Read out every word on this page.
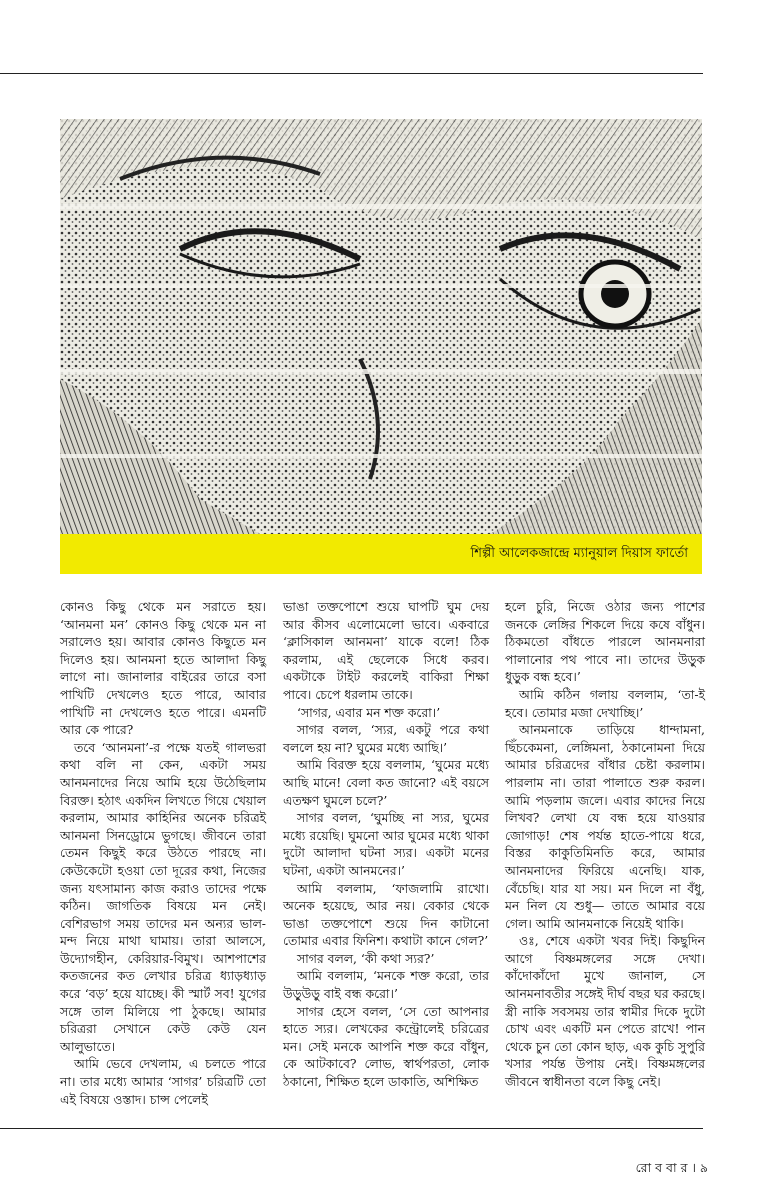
শিল্পী আলেকজান্দ্রে ম্যানুয়াল দিয়াস ফার্তো

কোনও কিছু থেকে মন সরাতে হয়। ‘আনমনা মন’ কোনও কিছু থেকে মন না সরালেও হয়। আবার কোনও কিছুতে মন দিলেও হয়। আনমনা হতে আলাদা কিছু লাগে না। জানালার বাইরের তারে বসা পাখিটি দেখলেও হতে পারে, আবার পাখিটি না দেখলেও হতে পারে। এমনটি আর কে পারে?

তবে ‘আনমনা’-র পক্ষে যতই গালভরা কথা বলি না কেন, একটা সময় আনমনাদের নিয়ে আমি হয়ে উঠেছিলাম বিরক্ত। হঠাৎ একদিন লিখতে গিয়ে খেয়াল করলাম, আমার কাহিনির অনেক চরিত্রই আনমনা সিনড্রোমে ভুগছে। জীবনে তারা তেমন কিছুই করে উঠতে পারছে না। কেউকেটো হওয়া তো দূরের কথা, নিজের জন্য যৎসামান্য কাজ করাও তাদের পক্ষে কঠিন। জাগতিক বিষয়ে মন নেই। বেশিরভাগ সময় তাদের মন অন্যর ভাল-মন্দ নিয়ে মাথা ঘামায়। তারা আলসে, উদ্যোগহীন, কেরিয়ার-বিমুখ। আশপাশের কতজনের কত লেখার চরিত্র ধ্যাড়ধ্যাড় করে ‘বড়’ হয়ে যাচ্ছে। কী স্মার্ট সব! যুগের সঙ্গে তাল মিলিয়ে পা ঠুকছে। আমার চরিত্ররা সেখানে কেউ কেউ যেন আলুভাতে।

আমি ভেবে দেখলাম, এ চলতে পারে না। তার মধ্যে আমার ‘সাগর’ চরিত্রটি তো এই বিষয়ে ওস্তাদ। চান্স পেলেই

ভাঙা তক্তপোশে শুয়ে ঘাপটি ঘুম দেয় আর কীসব এলোমেলো ভাবে। একবারে ‘ক্লাসিকাল আনমনা’ যাকে বলে! ঠিক করলাম, এই ছেলেকে সিধে করব। একটাকে টাইট করলেই বাকিরা শিক্ষা পাবে। চেপে ধরলাম তাকে।

‘সাগর, এবার মন শক্ত করো।’

সাগর বলল, ‘স্যর, একটু পরে কথা বললে হয় না? ঘুমের মধ্যে আছি।’

আমি বিরক্ত হয়ে বললাম, ‘ঘুমের মধ্যে আছি মানে! বেলা কত জানো? এই বয়সে এতক্ষণ ঘুমলে চলে?’

সাগর বলল, ‘ঘুমচ্ছি না স্যর, ঘুমের মধ্যে রয়েছি। ঘুমনো আর ঘুমের মধ্যে থাকা দুটো আলাদা ঘটনা স্যর। একটা মনের ঘটনা, একটা আনমনের।’

আমি বললাম, ‘ফাজলামি রাখো। অনেক হয়েছে, আর নয়। বেকার থেকে ভাঙা তক্তপোশে শুয়ে দিন কাটানো তোমার এবার ফিনিশ। কথাটা কানে গেল?’

সাগর বলল, ‘কী কথা স্যর?’

আমি বললাম, ‘মনকে শক্ত করো, তার উড়ুউড়ু বাই বন্ধ করো।’

সাগর হেসে বলল, ‘সে তো আপনার হাতে স্যর। লেখকের কন্ট্রোলেই চরিত্রের মন। সেই মনকে আপনি শক্ত করে বাঁধুন, কে আটকাবে? লোভ, স্বার্থপরতা, লোক ঠকানো, শিক্ষিত হলে ডাকাতি, অশিক্ষিত

হলে চুরি, নিজে ওঠার জন্য পাশের জনকে লেঙ্গির শিকলে দিয়ে কষে বাঁধুন। ঠিকমতো বাঁধতে পারলে আনমনারা পালানোর পথ পাবে না। তাদের উড়ুক ধুড়ুক বন্ধ হবে।’

আমি কঠিন গলায় বললাম, ‘তা-ই হবে। তোমার মজা দেখাচ্ছি।’

আনমনাকে তাড়িয়ে ধান্দামনা, ছিঁচকেমনা, লেঙ্গিমনা, ঠকানোমনা দিয়ে আমার চরিত্রদের বাঁধার চেষ্টা করলাম। পারলাম না। তারা পালাতে শুরু করল। আমি পড়লাম জলে। এবার কাদের নিয়ে লিখব? লেখা যে বন্ধ হয়ে যাওয়ার জোগাড়! শেষ পর্যন্ত হাতে-পায়ে ধরে, বিস্তর কাকুতিমিনতি করে, আমার আনমনাদের ফিরিয়ে এনেছি। যাক, বেঁচেছি। যার যা সয়। মন দিলে না বঁধু, মন নিল যে শুধু— তাতে আমার বয়ে গেল। আমি আনমনাকে নিয়েই থাকি।

ওঃ, শেষে একটা খবর দিই। কিছুদিন আগে বিষ্ণমঙ্গলের সঙ্গে দেখা। কাঁদোকাঁদো মুখে জানাল, সে আনমনাবতীর সঙ্গেই দীর্ঘ বছর ঘর করছে। স্ত্রী নাকি সবসময় তার স্বামীর দিকে দুটো চোখ এবং একটি মন পেতে রাখে! পান থেকে চুন তো কোন ছাড়, এক কুচি সুপুরি খসার পর্যন্ত উপায় নেই। বিষ্ণমঙ্গলের জীবনে স্বাধীনতা বলে কিছু নেই।

রো ব বা র । ৯
